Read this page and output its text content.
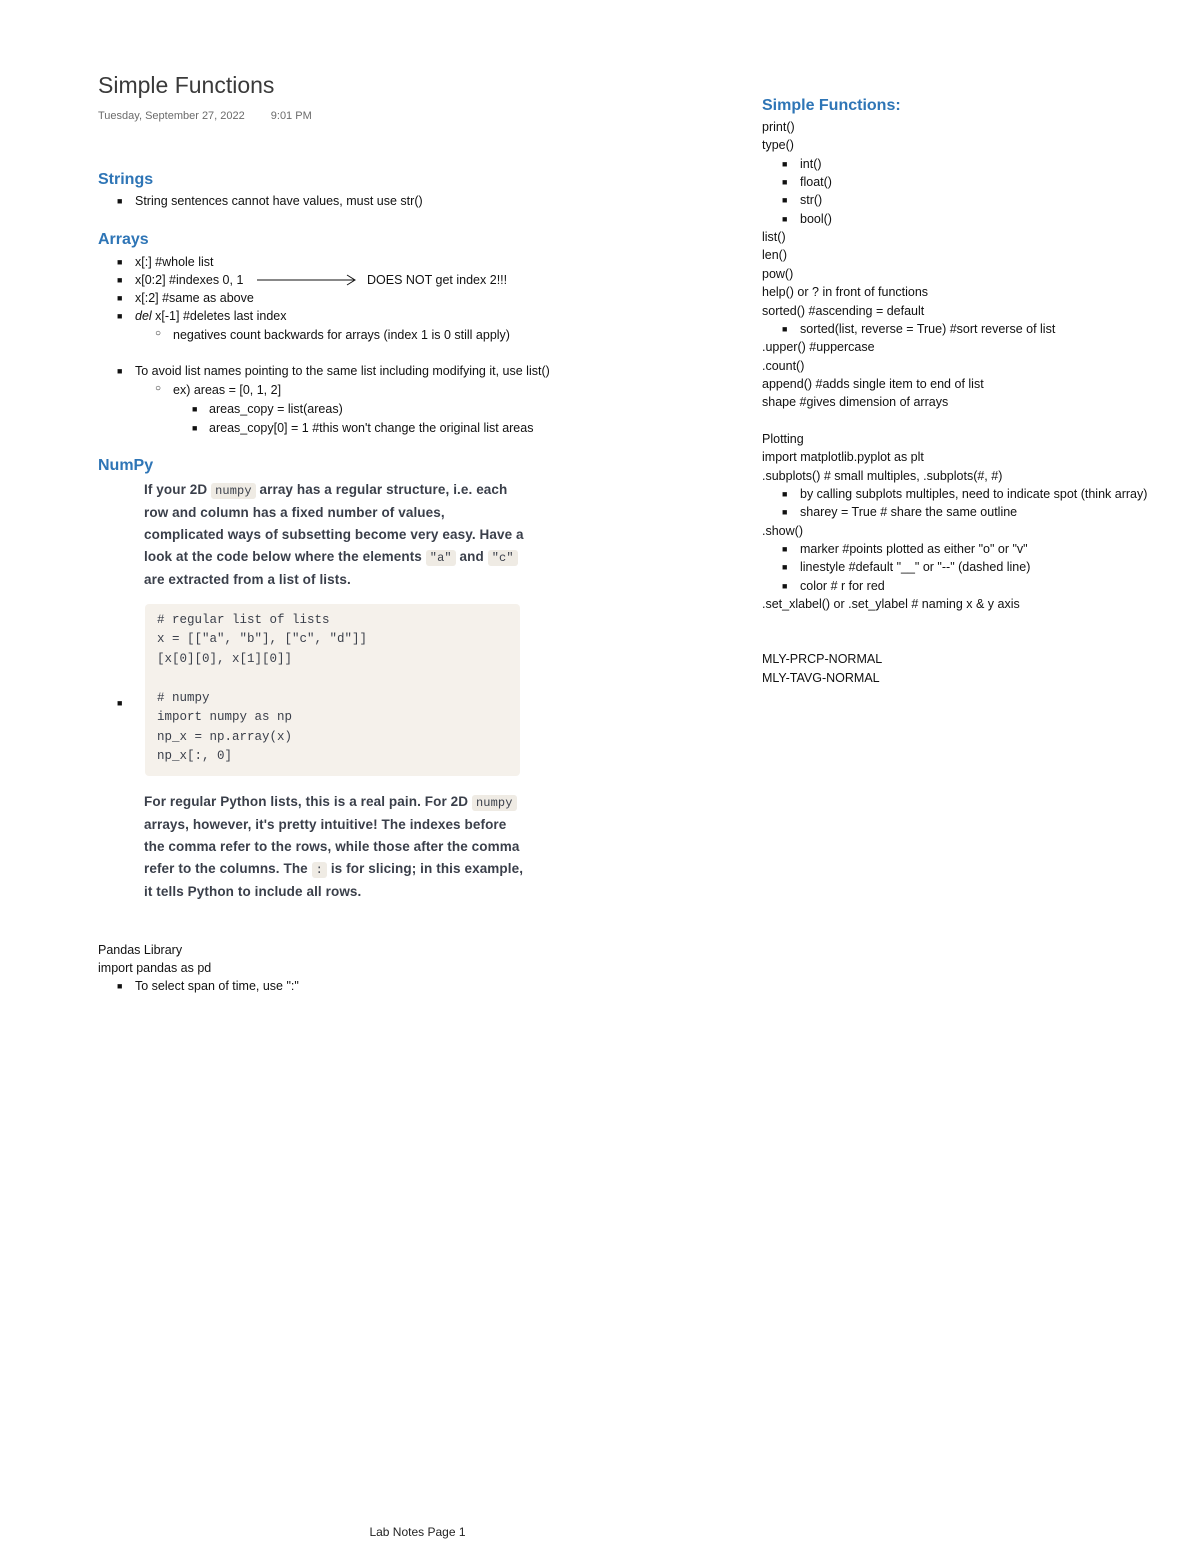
Simple Functions
Tuesday, September 27, 2022 9:01 PM
Strings
■ String sentences cannot have values, must use str()
Arrays
■ x[:] #whole list
■ x[0:2] #indexes 0, 1	DOES NOT get index 2!!!
■ x[:2] #same as above
■ del x[-1] #deletes last index
○ negatives count backwards for arrays (index 1 is 0 still apply)
■ To avoid list names pointing to the same list including modifying it, use list()
○ ex) areas = [0, 1, 2]
■ areas_copy = list(areas)
■ areas_copy[0] = 1 #this won't change the original list areas
NumPy
If your 2D numpy array has a regular structure, i.e. each row and column has a fixed number of values, complicated ways of subsetting become very easy. Have a look at the code below where the elements "a" and "c" are extracted from a list of lists.
■
# regular list of lists
x = [["a", "b"], ["c", "d"]]
[x[0][0], x[1][0]]
# numpy
import numpy as np
np_x = np.array(x)
np_x[:, 0]
For regular Python lists, this is a real pain. For 2D numpy arrays, however, it's pretty intuitive! The indexes before the comma refer to the rows, while those after the comma refer to the columns. The : is for slicing; in this example, it tells Python to include all rows.
Pandas Library
import pandas as pd
■ To select span of time, use ":"
Simple Functions:
print()
type()
■ int()
■ float()
■ str()
■ bool()
list()
len()
pow()
help() or ? in front of functions
sorted() #ascending = default
■ sorted(list, reverse = True) #sort reverse of list
.upper() #uppercase
.count()
append() #adds single item to end of list
shape #gives dimension of arrays
Plotting
import matplotlib.pyplot as plt
.subplots() # small multiples, .subplots(#, #)
■ by calling subplots multiples, need to indicate spot (think array)
■ sharey = True # share the same outline
.show()
■ marker #points plotted as either "o" or "v"
■ linestyle #default "__" or "--" (dashed line)
■ color # r for red
.set_xlabel() or .set_ylabel # naming x & y axis
MLY-PRCP-NORMAL
MLY-TAVG-NORMAL
Lab Notes Page 1
